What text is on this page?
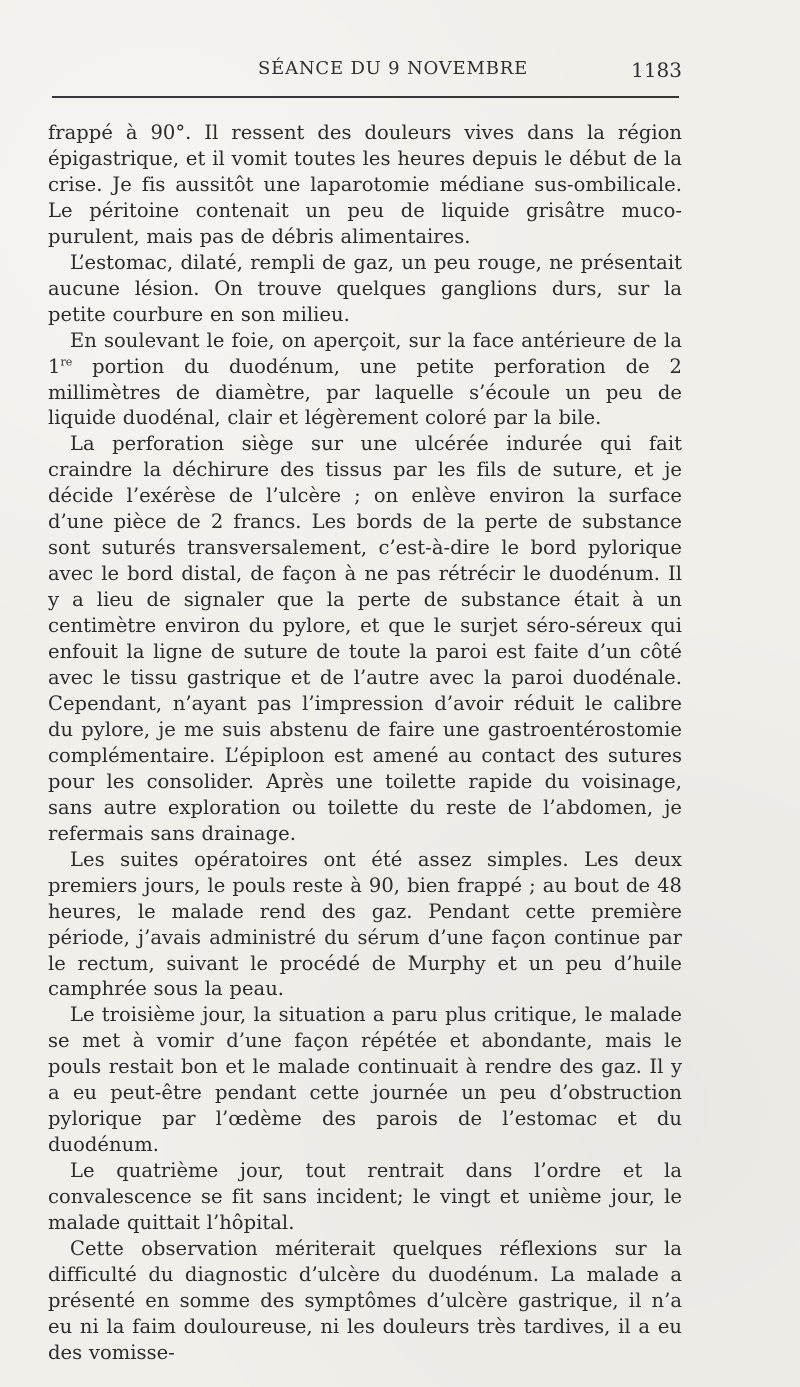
SÉANCE DU 9 NOVEMBRE	1183

frappé à 90°. Il ressent des douleurs vives dans la région épigastrique, et il vomit toutes les heures depuis le début de la crise. Je fis aussitôt une laparotomie médiane sus-ombilicale. Le péritoine contenait un peu de liquide grisâtre muco-purulent, mais pas de débris alimentaires.

L’estomac, dilaté, rempli de gaz, un peu rouge, ne présentait aucune lésion. On trouve quelques ganglions durs, sur la petite courbure en son milieu.

En soulevant le foie, on aperçoit, sur la face antérieure de la 1re portion du duodénum, une petite perforation de 2 millimètres de diamètre, par laquelle s’écoule un peu de liquide duodénal, clair et légèrement coloré par la bile.

La perforation siège sur une ulcérée indurée qui fait craindre la déchirure des tissus par les fils de suture, et je décide l’exérèse de l’ulcère ; on enlève environ la surface d’une pièce de 2 francs. Les bords de la perte de substance sont suturés transversalement, c’est-à-dire le bord pylorique avec le bord distal, de façon à ne pas rétrécir le duodénum. Il y a lieu de signaler que la perte de substance était à un centimètre environ du pylore, et que le surjet séro-séreux qui enfouit la ligne de suture de toute la paroi est faite d’un côté avec le tissu gastrique et de l’autre avec la paroi duodénale. Cependant, n’ayant pas l’impression d’avoir réduit le calibre du pylore, je me suis abstenu de faire une gastroentérostomie complémentaire. L’épiploon est amené au contact des sutures pour les consolider. Après une toilette rapide du voisinage, sans autre exploration ou toilette du reste de l’abdomen, je refermais sans drainage.

Les suites opératoires ont été assez simples. Les deux premiers jours, le pouls reste à 90, bien frappé ; au bout de 48 heures, le malade rend des gaz. Pendant cette première période, j’avais administré du sérum d’une façon continue par le rectum, suivant le procédé de Murphy et un peu d’huile camphrée sous la peau.

Le troisième jour, la situation a paru plus critique, le malade se met à vomir d’une façon répétée et abondante, mais le pouls restait bon et le malade continuait à rendre des gaz. Il y a eu peut-être pendant cette journée un peu d’obstruction pylorique par l’œdème des parois de l’estomac et du duodénum.

Le quatrième jour, tout rentrait dans l’ordre et la convalescence se fit sans incident; le vingt et unième jour, le malade quittait l’hôpital.

Cette observation mériterait quelques réflexions sur la difficulté du diagnostic d’ulcère du duodénum. La malade a présenté en somme des symptômes d’ulcère gastrique, il n’a eu ni la faim douloureuse, ni les douleurs très tardives, il a eu des vomisse-
